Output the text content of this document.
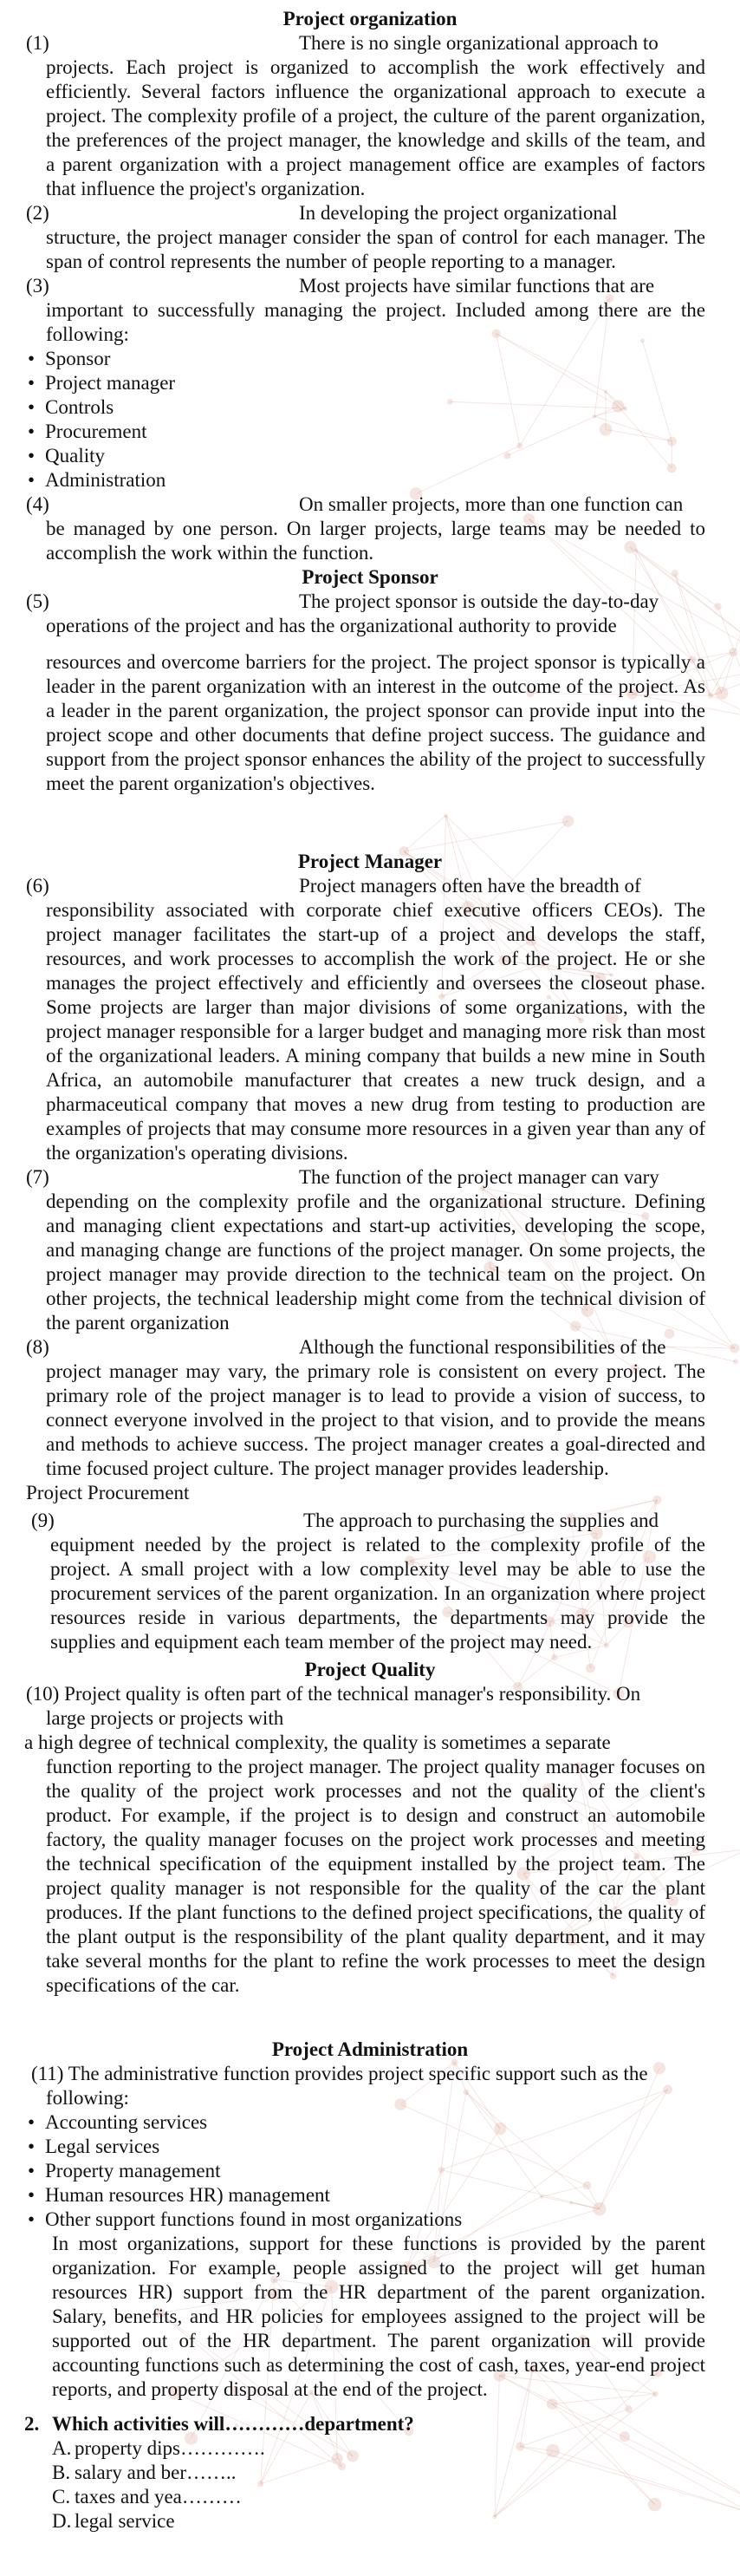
Project organization

(1)	There is no single organizational approach to
projects. Each project is organized to accomplish the work effectively and efficiently. Several factors influence the organizational approach to execute a project. The complexity profile of a project, the culture of the parent organization, the preferences of the project manager, the knowledge and skills of the team, and a parent organization with a project management office are examples of factors that influence the project's organization.
(2)	In developing the project organizational
structure, the project manager consider the span of control for each manager. The span of control represents the number of people reporting to a manager.
(3)	Most projects have similar functions that are
important to successfully managing the project. Included among there are the following:
• Sponsor
• Project manager
• Controls
• Procurement
• Quality
• Administration
(4)	On smaller projects, more than one function can
be managed by one person. On larger projects, large teams may be needed to accomplish the work within the function.

Project Sponsor

(5)	The project sponsor is outside the day-to-day
operations of the project and has the organizational authority to provide
resources and overcome barriers for the project. The project sponsor is typically a leader in the parent organization with an interest in the outcome of the project. As a leader in the parent organization, the project sponsor can provide input into the project scope and other documents that define project success. The guidance and support from the project sponsor enhances the ability of the project to successfully meet the parent organization's objectives.

Project Manager

(6)	Project managers often have the breadth of
responsibility associated with corporate chief executive officers CEOs). The project manager facilitates the start-up of a project and develops the staff, resources, and work processes to accomplish the work of the project. He or she manages the project effectively and efficiently and oversees the closeout phase. Some projects are larger than major divisions of some organizations, with the project manager responsible for a larger budget and managing more risk than most of the organizational leaders. A mining company that builds a new mine in South Africa, an automobile manufacturer that creates a new truck design, and a pharmaceutical company that moves a new drug from testing to production are examples of projects that may consume more resources in a given year than any of the organization's operating divisions.
(7)	The function of the project manager can vary
depending on the complexity profile and the organizational structure. Defining and managing client expectations and start-up activities, developing the scope, and managing change are functions of the project manager. On some projects, the project manager may provide direction to the technical team on the project. On other projects, the technical leadership might come from the technical division of the parent organization
(8)	Although the functional responsibilities of the
project manager may vary, the primary role is consistent on every project. The primary role of the project manager is to lead to provide a vision of success, to connect everyone involved in the project to that vision, and to provide the means and methods to achieve success. The project manager creates a goal-directed and time focused project culture. The project manager provides leadership.

Project Procurement

(9)	The approach to purchasing the supplies and
equipment needed by the project is related to the complexity profile of the project. A small project with a low complexity level may be able to use the procurement services of the parent organization. In an organization where project resources reside in various departments, the departments may provide the supplies and equipment each team member of the project may need.

Project Quality

(10) Project quality is often part of the technical manager's responsibility. On
large projects or projects with
a high degree of technical complexity, the quality is sometimes a separate
function reporting to the project manager. The project quality manager focuses on the quality of the project work processes and not the quality of the client's product. For example, if the project is to design and construct an automobile factory, the quality manager focuses on the project work processes and meeting the technical specification of the equipment installed by the project team. The project quality manager is not responsible for the quality of the car the plant produces. If the plant functions to the defined project specifications, the quality of the plant output is the responsibility of the plant quality department, and it may take several months for the plant to refine the work processes to meet the design specifications of the car.

Project Administration

(11) The administrative function provides project specific support such as the
following:
• Accounting services
• Legal services
• Property management
• Human resources HR) management
• Other support functions found in most organizations
In most organizations, support for these functions is provided by the parent organization. For example, people assigned to the project will get human resources HR) support from the HR department of the parent organization. Salary, benefits, and HR policies for employees assigned to the project will be supported out of the HR department. The parent organization will provide accounting functions such as determining the cost of cash, taxes, year-end project reports, and property disposal at the end of the project.
2. Which activities will…………department?
A. property dips………….
B. salary and ber……..
C. taxes and yea………
D. legal service
